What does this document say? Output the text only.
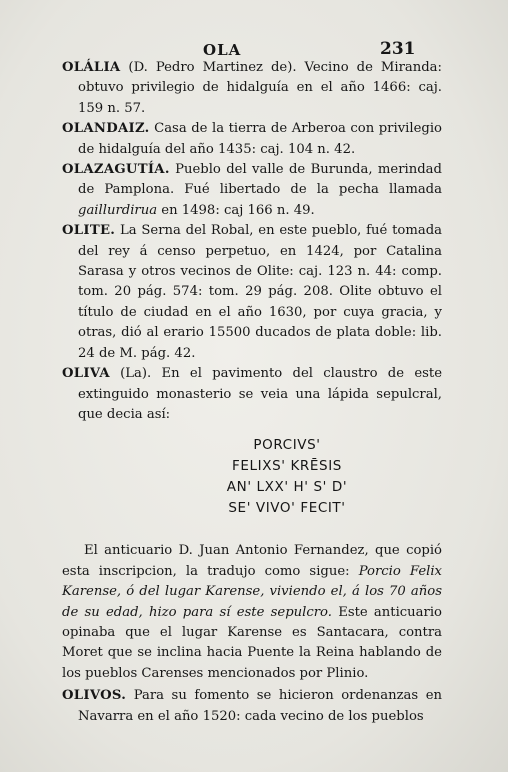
OLA	231

OLÁLIA (D. Pedro Martinez de). Vecino de Miranda: obtuvo privilegio de hidalguía en el año 1466: caj. 159 n. 57.

OLANDAIZ. Casa de la tierra de Arberoa con privilegio de hidalguía del año 1435: caj. 104 n. 42.

OLAZAGUTÍA. Pueblo del valle de Burunda, merindad de Pamplona. Fué libertado de la pecha llamada gaillurdirua en 1498: caj 166 n. 49.

OLITE. La Serna del Robal, en este pueblo, fué tomada del rey á censo perpetuo, en 1424, por Catalina Sarasa y otros vecinos de Olite: caj. 123 n. 44: comp. tom. 20 pág. 574: tom. 29 pág. 208. Olite obtuvo el título de ciudad en el año 1630, por cuya gracia, y otras, dió al erario 15500 ducados de plata doble: lib. 24 de M. pág. 42.

OLIVA (La). En el pavimento del claustro de este extinguido monasterio se veia una lápida sepulcral, que decia así:

PORCIVS'
FELIXS' KRĒSIS
AN' LXX' H' S' D'
SE' VIVO' FECIT'

El anticuario D. Juan Antonio Fernandez, que copió esta inscripcion, la tradujo como sigue: Porcio Felix Karense, ó del lugar Karense, viviendo el, á los 70 años de su edad, hizo para sí este sepulcro. Este anticuario opinaba que el lugar Karense es Santacara, contra Moret que se inclina hacia Puente la Reina hablando de los pueblos Carenses mencionados por Plinio.

OLIVOS. Para su fomento se hicieron ordenanzas en Navarra en el año 1520: cada vecino de los pueblos
